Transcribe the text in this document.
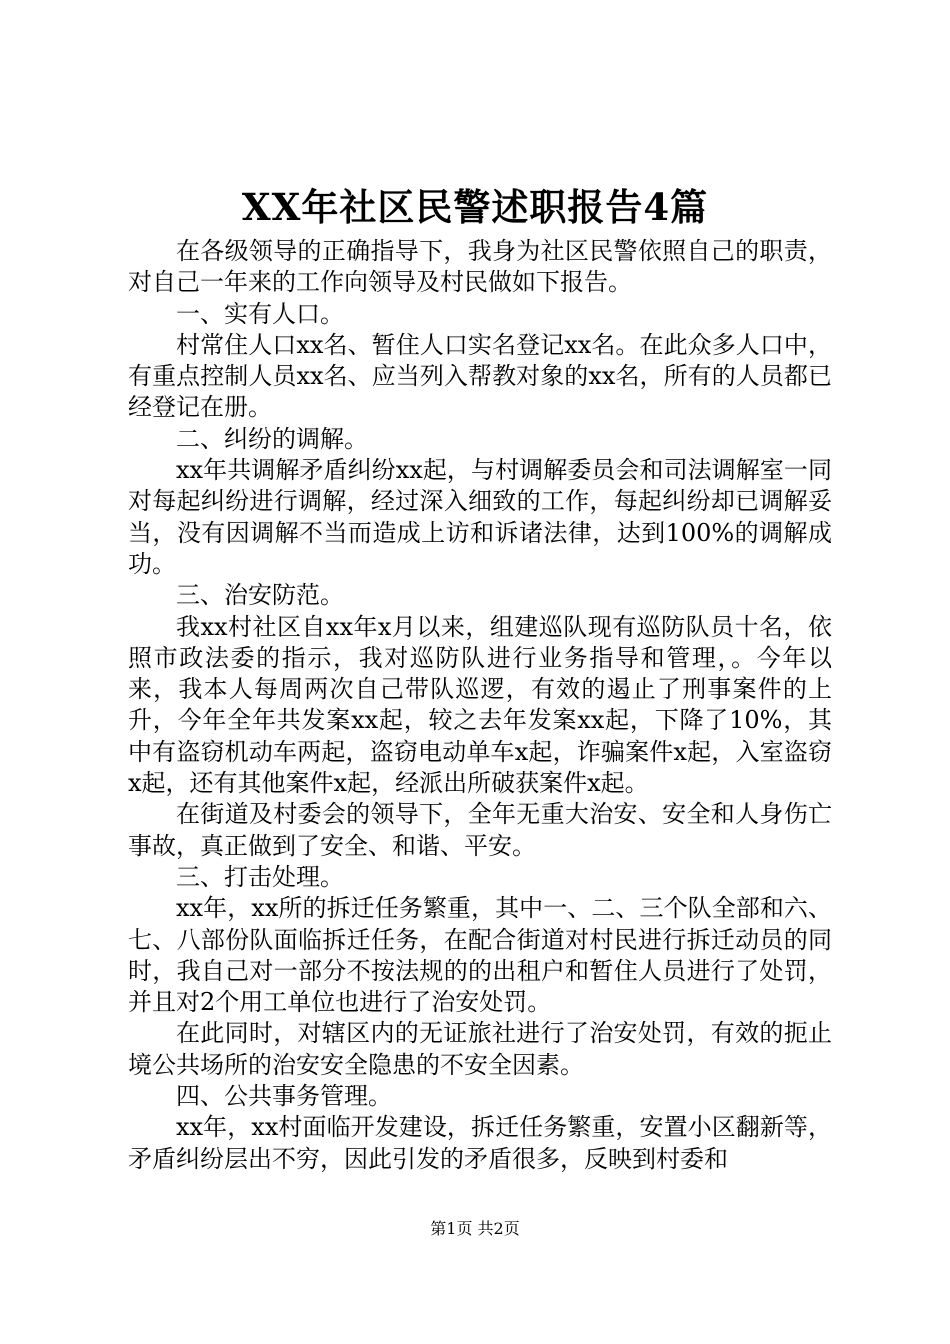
XX年社区民警述职报告4篇

在各级领导的正确指导下，我身为社区民警依照自己的职责，对自己一年来的工作向领导及村民做如下报告。

一、实有人口。

村常住人口xx名、暂住人口实名登记xx名。在此众多人口中，有重点控制人员xx名、应当列入帮教对象的xx名，所有的人员都已经登记在册。

二、纠纷的调解。

xx年共调解矛盾纠纷xx起，与村调解委员会和司法调解室一同对每起纠纷进行调解，经过深入细致的工作，每起纠纷却已调解妥当，没有因调解不当而造成上访和诉诸法律，达到100%的调解成功。

三、治安防范。

我xx村社区自xx年x月以来，组建巡队现有巡防队员十名，依照市政法委的指示，我对巡防队进行业务指导和管理，。今年以来，我本人每周两次自己带队巡逻，有效的遏止了刑事案件的上升，今年全年共发案xx起，较之去年发案xx起，下降了10%，其中有盗窃机动车两起，盗窃电动单车x起，诈骗案件x起，入室盗窃x起，还有其他案件x起，经派出所破获案件x起。

在街道及村委会的领导下，全年无重大治安、安全和人身伤亡事故，真正做到了安全、和谐、平安。

三、打击处理。

xx年，xx所的拆迁任务繁重，其中一、二、三个队全部和六、七、八部份队面临拆迁任务，在配合街道对村民进行拆迁动员的同时，我自己对一部分不按法规的的出租户和暂住人员进行了处罚，并且对2个用工单位也进行了治安处罚。

在此同时，对辖区内的无证旅社进行了治安处罚，有效的扼止境公共场所的治安安全隐患的不安全因素。

四、公共事务管理。

xx年，xx村面临开发建设，拆迁任务繁重，安置小区翻新等，矛盾纠纷层出不穷，因此引发的矛盾很多，反映到村委和

第1页 共2页
